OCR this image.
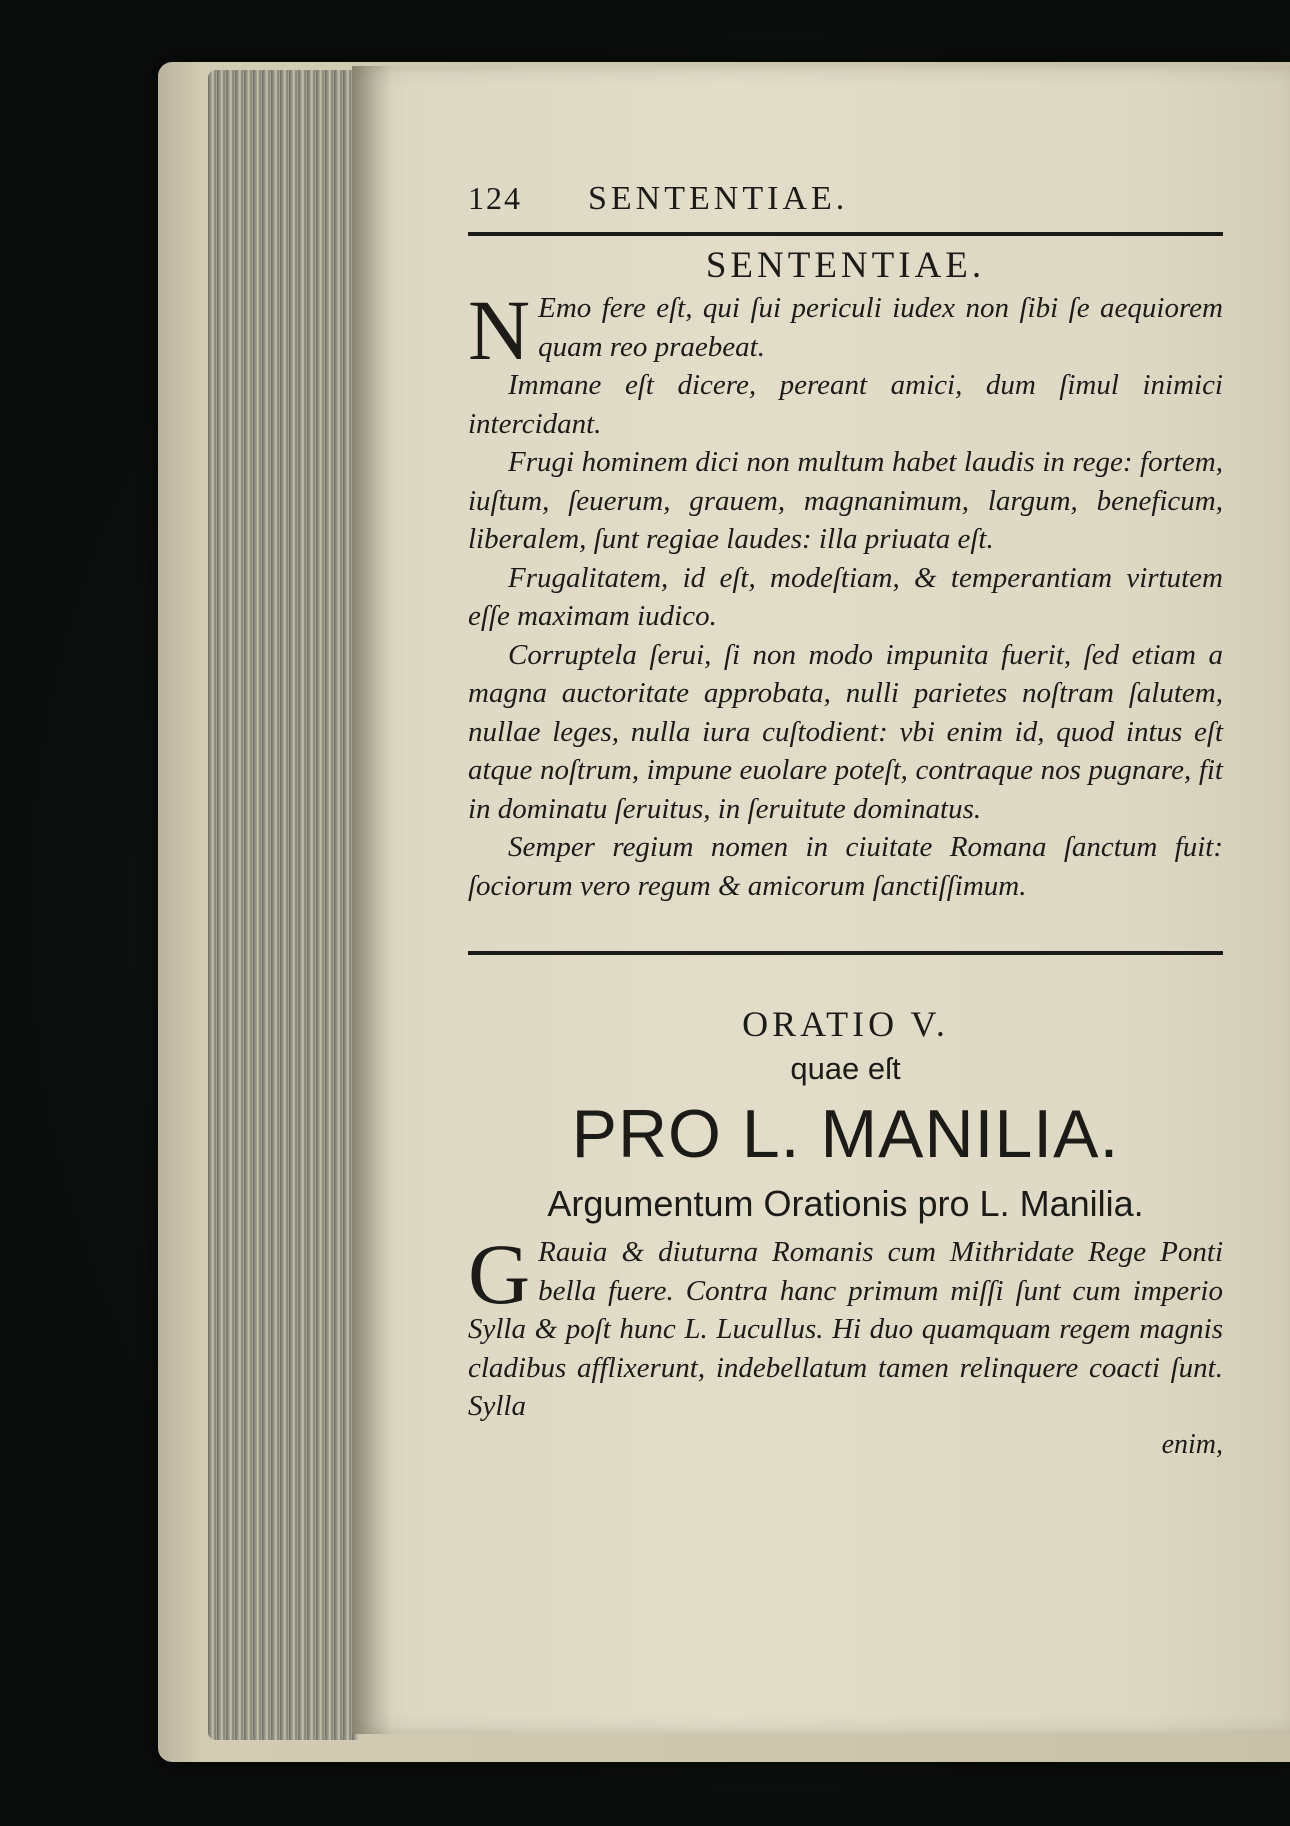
124	SENTENTIAE.
SENTENTIAE.

N Emo fere eſt, qui ſui periculi iudex non ſibi ſe aequiorem quam reo praebeat.

Immane eſt dicere, pereant amici, dum ſimul inimici intercidant.

Frugi hominem dici non multum habet laudis in rege: fortem, iuſtum, ſeuerum, grauem, magnanimum, largum, beneficum, liberalem, ſunt regiae laudes: illa priuata eſt.

Frugalitatem, id eſt, modeſtiam, & temperantiam virtutem eſſe maximam iudico.

Corruptela ſerui, ſi non modo impunita fuerit, ſed etiam a magna auctoritate approbata, nulli parietes noſtram ſalutem, nullae leges, nulla iura cuſtodient: vbi enim id, quod intus eſt atque noſtrum, impune euolare poteſt, contraque nos pugnare, fit in dominatu ſeruitus, in ſeruitute dominatus.

Semper regium nomen in ciuitate Romana ſanctum fuit: ſociorum vero regum & amicorum ſanctiſſimum.

ORATIO V.
quae eſt
PRO L. MANILIA.
Argumentum Orationis pro L. Manilia.

G Rauia & diuturna Romanis cum Mithridate Rege Ponti bella fuere. Contra hanc primum miſſi ſunt cum imperio Sylla & poſt hunc L. Lucullus. Hi duo quamquam regem magnis cladibus afflixerunt, indebellatum tamen relinquere coacti ſunt. Sylla

enim,
